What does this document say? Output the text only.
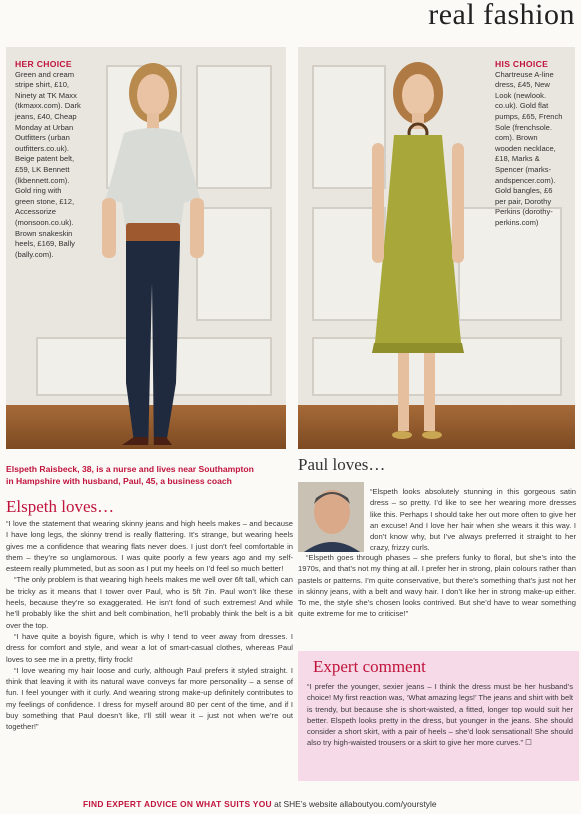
real fashion
HER CHOICE
Green and cream
stripe shirt, £10,
Ninety at TK Maxx
(tkmaxx.com). Dark
jeans, £40, Cheap
Monday at Urban
Outfitters (urban
outfitters.co.uk).
Beige patent belt,
£59, LK Bennett
(lkbennett.com).
Gold ring with
green stone, £12,
Accessorize
(monsoon.co.uk).
Brown snakeskin
heels, £169, Bally
(bally.com).
HIS CHOICE
Chartreuse A-line
dress, £45, New
Look (newlook.
co.uk). Gold flat
pumps, £65, French
Sole (frenchsole.
com). Brown
wooden necklace,
£18, Marks &
Spencer (marks-
andspencer.com).
Gold bangles, £6
per pair, Dorothy
Perkins (dorothy-
perkins.com)
Elspeth Raisbeck, 38, is a nurse and lives near Southampton
in Hampshire with husband, Paul, 45, a business coach
Paul loves…
“Elspeth looks absolutely stunning in this gorgeous satin dress – so pretty. I’d like to see her wearing more dresses like this. Perhaps I should take her out more often to give her an excuse! And I love her hair when she wears it this way. I don’t know why, but I’ve always preferred it straight to her crazy, frizzy curls.

“Elspeth goes through phases – she prefers funky to floral, but she’s into the 1970s, and that’s not my thing at all. I prefer her in strong, plain colours rather than pastels or patterns. I’m quite conservative, but there’s something that’s just not her in skinny jeans, with a belt and wavy hair. I don’t like her in strong make-up either. To me, the style she’s chosen looks contrived. But she’d have to wear something quite extreme for me to criticise!”

Elspeth loves…

“I love the statement that wearing skinny jeans and high heels makes – and because I have long legs, the skinny trend is really flattering. It’s strange, but wearing heels gives me a confidence that wearing flats never does. I just don’t feel comfortable in them – they’re so unglamorous. I was quite poorly a few years ago and my self-esteem really plummeted, but as soon as I put my heels on I’d feel so much better!

“The only problem is that wearing high heels makes me well over 6ft tall, which can be tricky as it means that I tower over Paul, who is 5ft 7in. Paul won’t like these heels, because they’re so exaggerated. He isn’t fond of such extremes! And while he’ll probably like the shirt and belt combination, he’ll probably think the belt is a bit over the top.

“I have quite a boyish figure, which is why I tend to veer away from dresses. I dress for comfort and style, and wear a lot of smart-casual clothes, whereas Paul loves to see me in a pretty, flirty frock!

“I love wearing my hair loose and curly, although Paul prefers it styled straight. I think that leaving it with its natural wave conveys far more personality – a sense of fun. I feel younger with it curly. And wearing strong make-up definitely contributes to my feelings of confidence. I dress for myself around 80 per cent of the time, and if I buy something that Paul doesn’t like, I’ll still wear it – just not when we’re out together!”

Expert comment
“I prefer the younger, sexier jeans – I think the dress must be her husband’s choice! My first reaction was, ‘What amazing legs!’ The jeans and shirt with belt is trendy, but because she is short-waisted, a fitted, longer top would suit her better. Elspeth looks pretty in the dress, but younger in the jeans. She should consider a short skirt, with a pair of heels – she’d look sensational! She should also try high-waisted trousers or a skirt to give her more curves.” ☐
FIND EXPERT ADVICE ON WHAT SUITS YOU at SHE’s website allaboutyou.com/yourstyle
